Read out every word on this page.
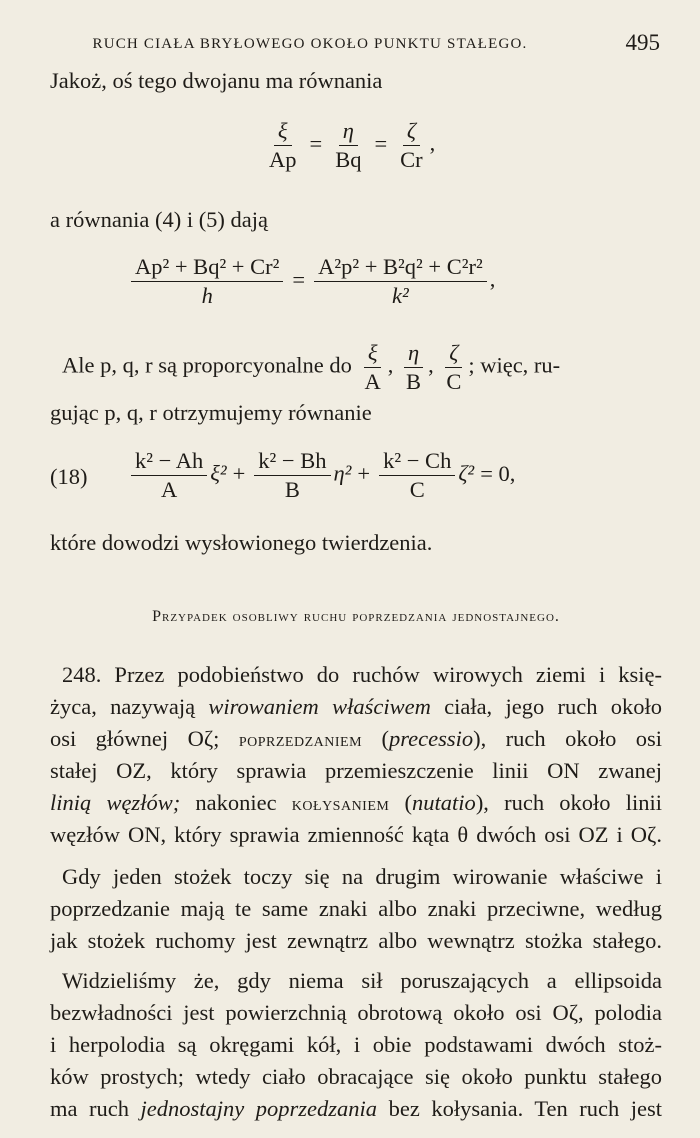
RUCH CIAŁA BRYŁOWEGO OKOŁO PUNKTU STAŁEGO.	495
Jakoż, oś tego dwojanu ma równania
$\frac{\xi}{Ap} = \frac{\eta}{Bq} = \frac{\zeta}{Cr}$ ,
a równania (4) i (5) dają
$\frac{\text{Ap² + Bq² + Cr²}}{h} = \frac{\text{A²p² + B²q² + C²r²}}{\text{k²}}$ ,
Ale p, q, r są proporcyonalne do $\frac{\xi}{A}$ , $\frac{\eta}{B}$ , $\frac{\zeta}{C}$ ; więc, ru-
gując p, q, r otrzymujemy równanie
$(18) \frac{\text{k² − Ah}}{A} \xi^2 + \frac{\text{k² − Bh}}{B} \eta^2 + \frac{\text{k² − Ch}}{C} \zeta^2 = 0$,
które dowodzi wysłowionego twierdzenia.
Przypadek osobliwy ruchu poprzedzania jednostajnego.
248. Przez podobieństwo do ruchów wirowych ziemi i księ-
życa, nazywają wirowaniem właściwem ciała, jego ruch około
osi głównej Oζ; poprzedzaniem (precessio), ruch około osi
stałej OZ, który sprawia przemieszczenie linii ON zwanej
linią węzłów; nakoniec kołysaniem (nutatio), ruch około linii
węzłów ON, który sprawia zmienność kąta θ dwóch osi OZ i Oζ.
Gdy jeden stożek toczy się na drugim wirowanie właściwe i
poprzedzanie mają te same znaki albo znaki przeciwne, według
jak stożek ruchomy jest zewnątrz albo wewnątrz stożka stałego.
Widzieliśmy że, gdy niema sił poruszających a ellipsoida
bezwładności jest powierzchnią obrotową około osi Oζ, polodia
i herpolodia są okręgami kół, i obie podstawami dwóch stoż-
ków prostych; wtedy ciało obracające się około punktu stałego
ma ruch jednostajny poprzedzania bez kołysania. Ten ruch jest
